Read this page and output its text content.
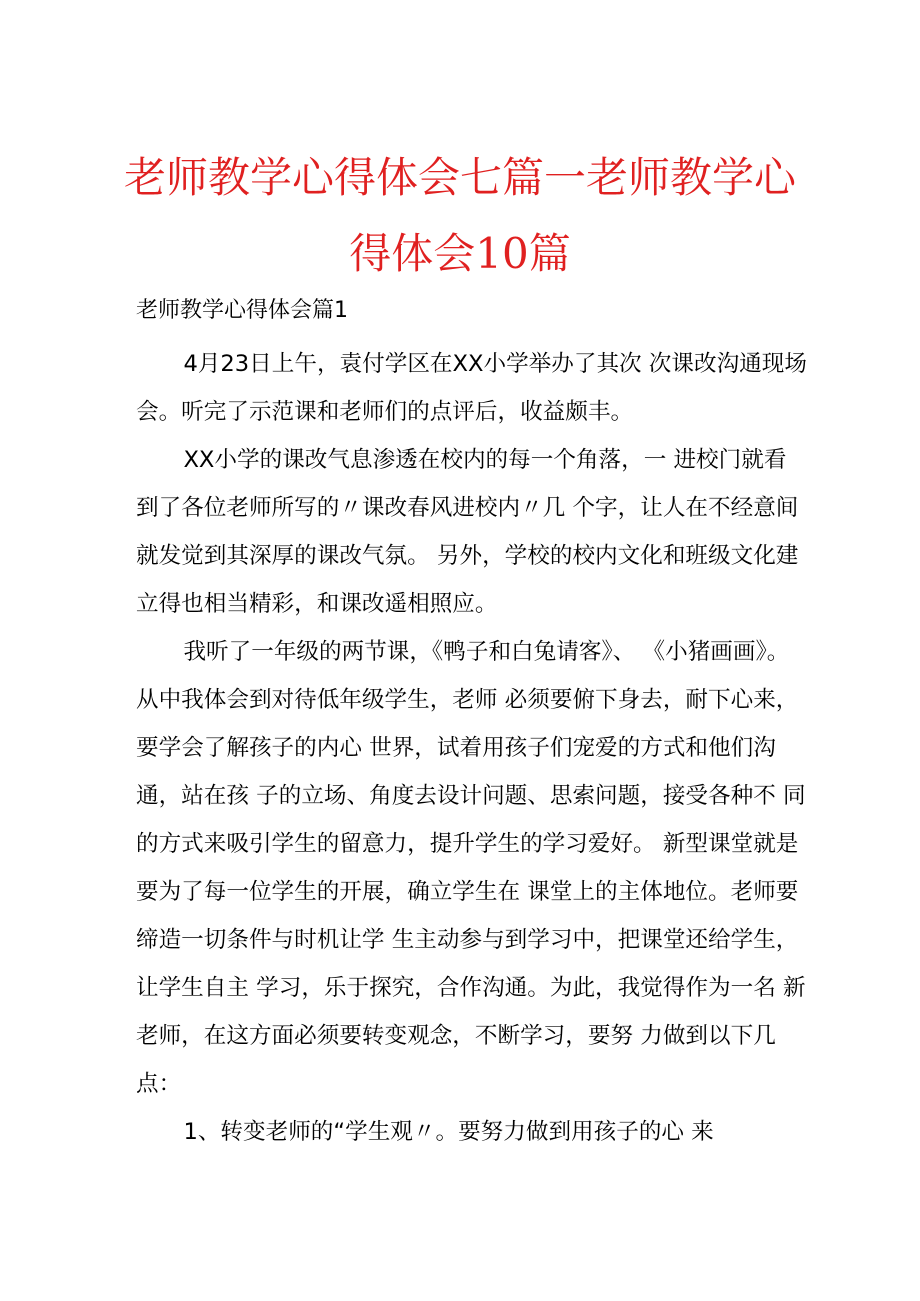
老师教学心得体会七篇一老师教学心得体会10篇
老师教学心得体会篇1

4月23日上午，袁付学区在XX小学举办了其次 次课改沟通现场会。听完了示范课和老师们的点评后，收益颇丰。

XX小学的课改气息渗透在校内的每一个角落，一 进校门就看到了各位老师所写的〃课改春风进校内〃几 个字，让人在不经意间就发觉到其深厚的课改气氛。 另外，学校的校内文化和班级文化建立得也相当精彩，和课改遥相照应。

我听了一年级的两节课，《鸭子和白兔请客》、 《小猪画画》。从中我体会到对待低年级学生，老师 必须要俯下身去，耐下心来，要学会了解孩子的内心 世界，试着用孩子们宠爱的方式和他们沟通，站在孩 子的立场、角度去设计问题、思索问题，接受各种不 同的方式来吸引学生的留意力，提升学生的学习爱好。 新型课堂就是要为了每一位学生的开展，确立学生在 课堂上的主体地位。老师要缔造一切条件与时机让学 生主动参与到学习中，把课堂还给学生，让学生自主 学习，乐于探究，合作沟通。为此，我觉得作为一名 新老师，在这方面必须要转变观念，不断学习，要努 力做到以下几点：

1、转变老师的“学生观〃。要努力做到用孩子的心 来
